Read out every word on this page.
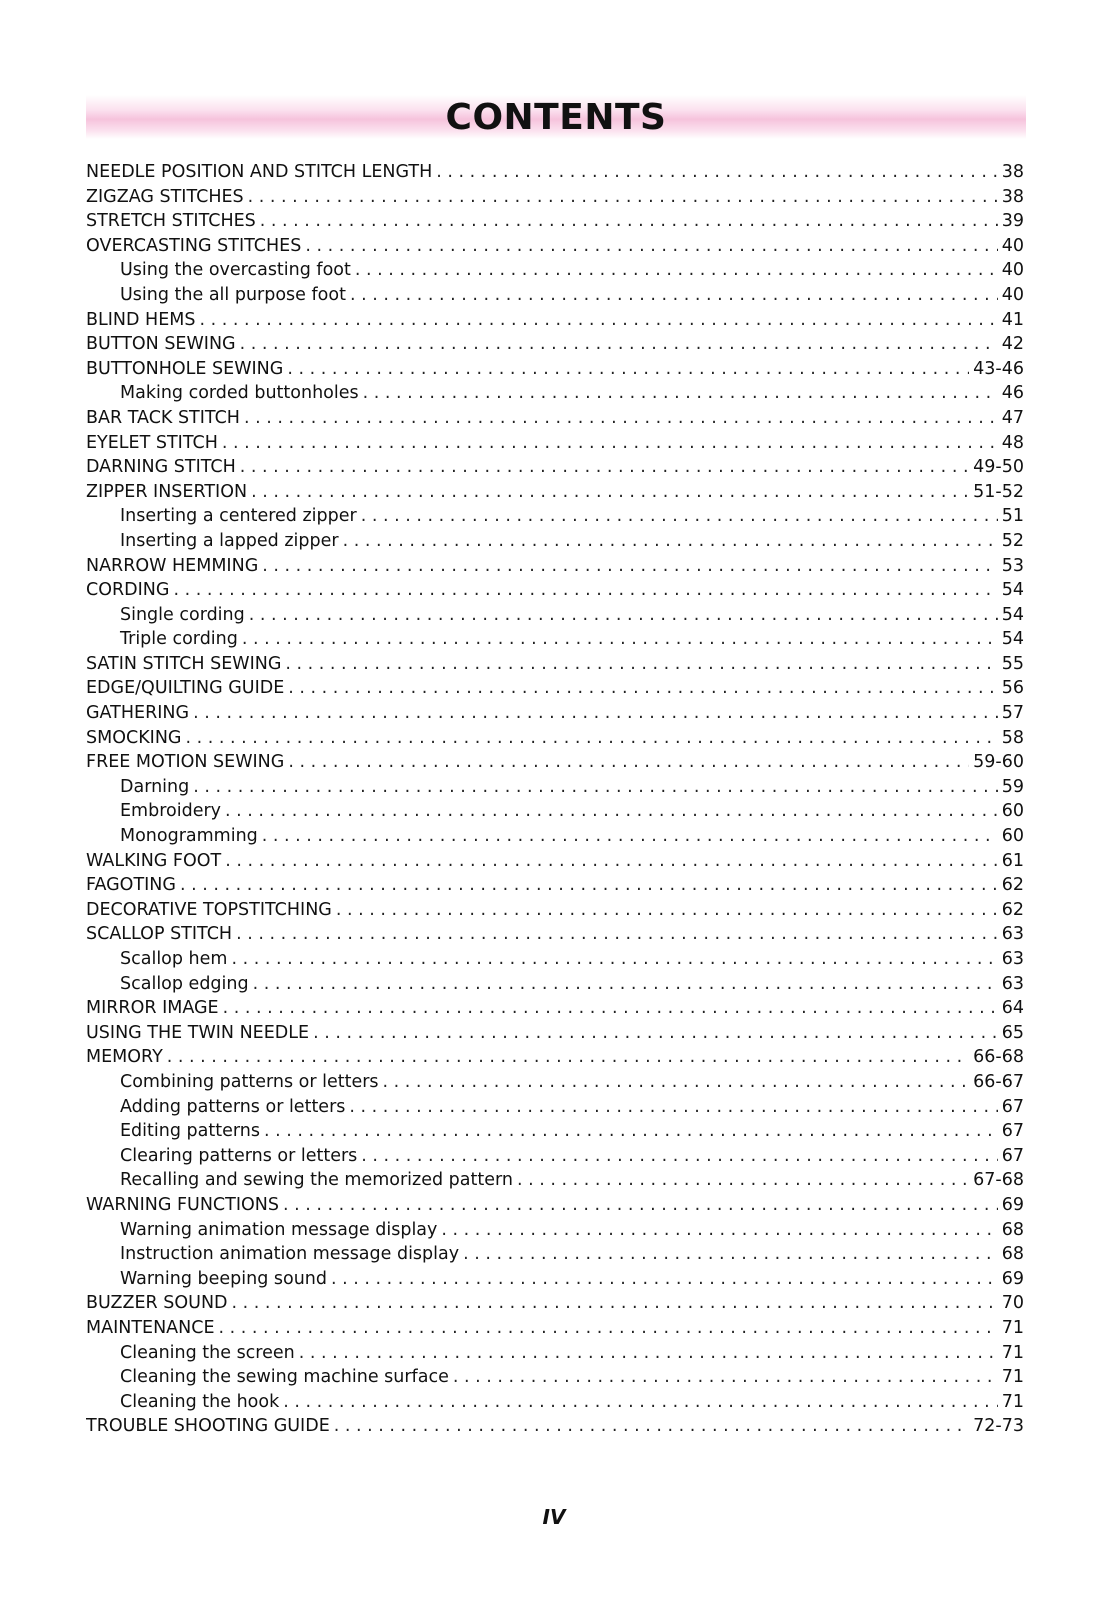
CONTENTS
NEEDLE POSITION AND STITCH LENGTH . . .	38
ZIGZAG STITCHES . . .	38
STRETCH STITCHES . . .	39
OVERCASTING STITCHES . . .	40
Using the overcasting foot . . .	40
Using the all purpose foot . . .	40
BLIND HEMS . . .	41
BUTTON SEWING . . .	42
BUTTONHOLE SEWING . . .	43-46
Making corded buttonholes . . .	46
BAR TACK STITCH . . .	47
EYELET STITCH . . .	48
DARNING STITCH . . .	49-50
ZIPPER INSERTION . . .	51-52
Inserting a centered zipper . . .	51
Inserting a lapped zipper . . .	52
NARROW HEMMING . . .	53
CORDING . . .	54
Single cording . . .	54
Triple cording . . .	54
SATIN STITCH SEWING . . .	55
EDGE/QUILTING GUIDE . . .	56
GATHERING . . .	57
SMOCKING . . .	58
FREE MOTION SEWING . . .	59-60
Darning . . .	59
Embroidery . . .	60
Monogramming . . .	60
WALKING FOOT . . .	61
FAGOTING . . .	62
DECORATIVE TOPSTITCHING . . .	62
SCALLOP STITCH . . .	63
Scallop hem . . .	63
Scallop edging . . .	63
MIRROR IMAGE . . .	64
USING THE TWIN NEEDLE . . .	65
MEMORY . . .	66-68
Combining patterns or letters . . .	66-67
Adding patterns or letters . . .	67
Editing patterns . . .	67
Clearing patterns or letters . . .	67
Recalling and sewing the memorized pattern . . .	67-68
WARNING FUNCTIONS . . .	69
Warning animation message display . . .	68
Instruction animation message display . . .	68
Warning beeping sound . . .	69
BUZZER SOUND . . .	70
MAINTENANCE . . .	71
Cleaning the screen . . .	71
Cleaning the sewing machine surface . . .	71
Cleaning the hook . . .	71
TROUBLE SHOOTING GUIDE . . .	72-73
IV
